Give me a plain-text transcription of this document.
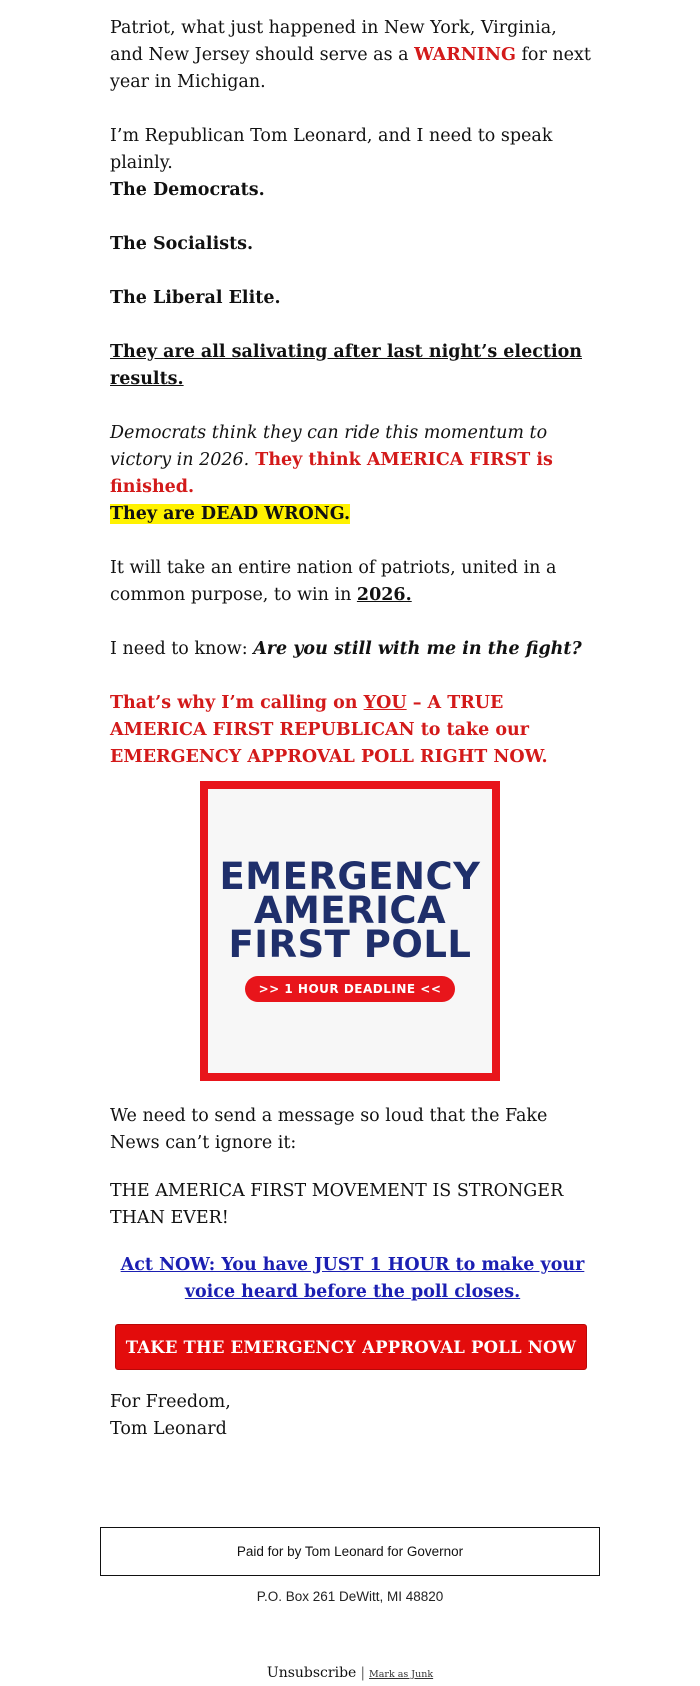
Patriot, what just happened in New York, Virginia, and New Jersey should serve as a WARNING for next year in Michigan.

I’m Republican Tom Leonard, and I need to speak plainly.

The Democrats.

The Socialists.

The Liberal Elite.

They are all salivating after last night’s election results.

Democrats think they can ride this momentum to victory in 2026. They think AMERICA FIRST is finished.

They are DEAD WRONG.

It will take an entire nation of patriots, united in a common purpose, to win in 2026.

I need to know: Are you still with me in the fight?

That’s why I’m calling on YOU – A TRUE AMERICA FIRST REPUBLICAN to take our EMERGENCY APPROVAL POLL RIGHT NOW.

EMERGENCY
AMERICA
FIRST POLL
>> 1 HOUR DEADLINE <<

We need to send a message so loud that the Fake News can’t ignore it:

THE AMERICA FIRST MOVEMENT IS STRONGER THAN EVER!

Act NOW: You have JUST 1 HOUR to make your voice heard before the poll closes.
TAKE THE EMERGENCY APPROVAL POLL NOW

For Freedom,

Tom Leonard

Paid for by Tom Leonard for Governor
P.O. Box 261 DeWitt, MI 48820
Unsubscribe | Mark as Junk
